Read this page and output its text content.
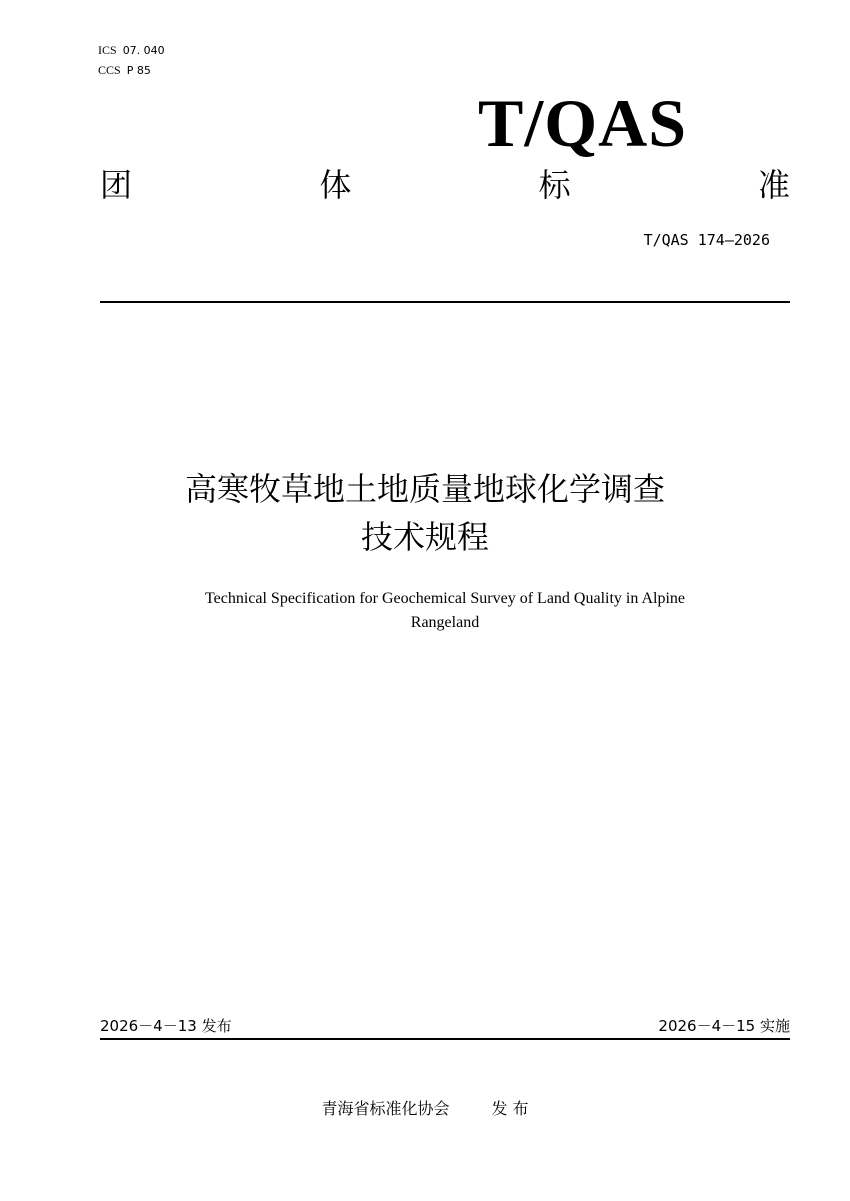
ICS 07. 040
CCS P 85
T/QAS
团	体	标	准
T/QAS 174—2026
高寒牧草地土地质量地球化学调查
技术规程
Technical Specification for Geochemical Survey of Land Quality in Alpine
Rangeland
2026－4－13 发布	2026－4－15 实施
青海省标准化协会	发 布
